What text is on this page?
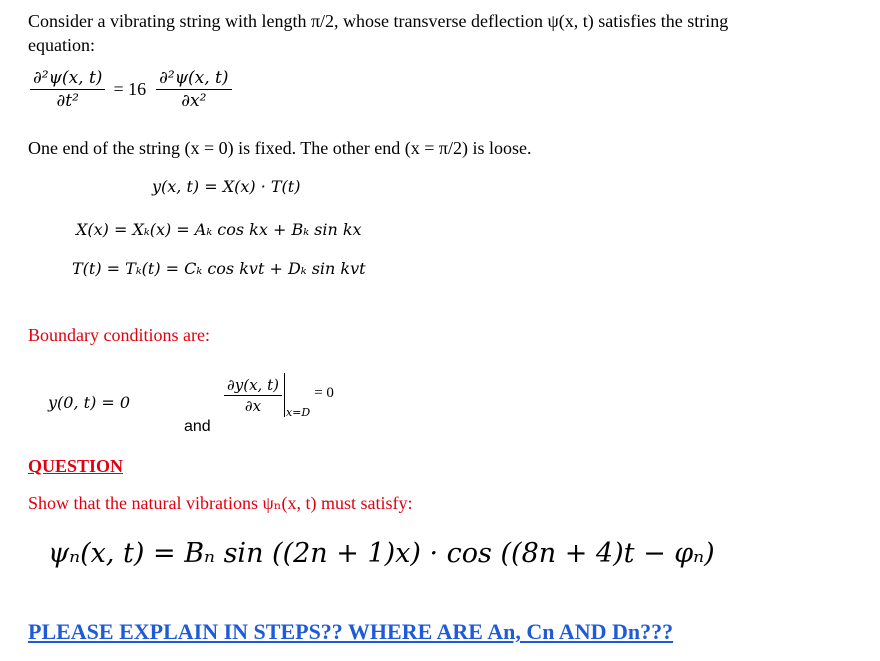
Consider a vibrating string with length π/2, whose transverse deflection ψ(x, t) satisfies the string
equation:
$\frac{\text{∂²ψ(x, t)}}{\text{∂t²}} = 16 \frac{\text{∂²ψ(x, t)}}{\text{∂x²}}$
One end of the string (x = 0) is fixed. The other end (x = π/2) is loose.
y(x, t) = X(x) · T(t)
X(x) = Xₖ(x) = Aₖ cos kx + Bₖ sin kx
T(t) = Tₖ(t) = Cₖ cos kvt + Dₖ sin kvt
Boundary conditions are:
y(0, t) = 0	$\frac{\partial y(x, t)}{\partial x} x=D$
= 0
and
QUESTION
Show that the natural vibrations ψₙ(x, t) must satisfy:
ψₙ(x, t) = Bₙ sin ((2n + 1)x) · cos ((8n + 4)t − φₙ)
PLEASE EXPLAIN IN STEPS?? WHERE ARE An, Cn AND Dn???
